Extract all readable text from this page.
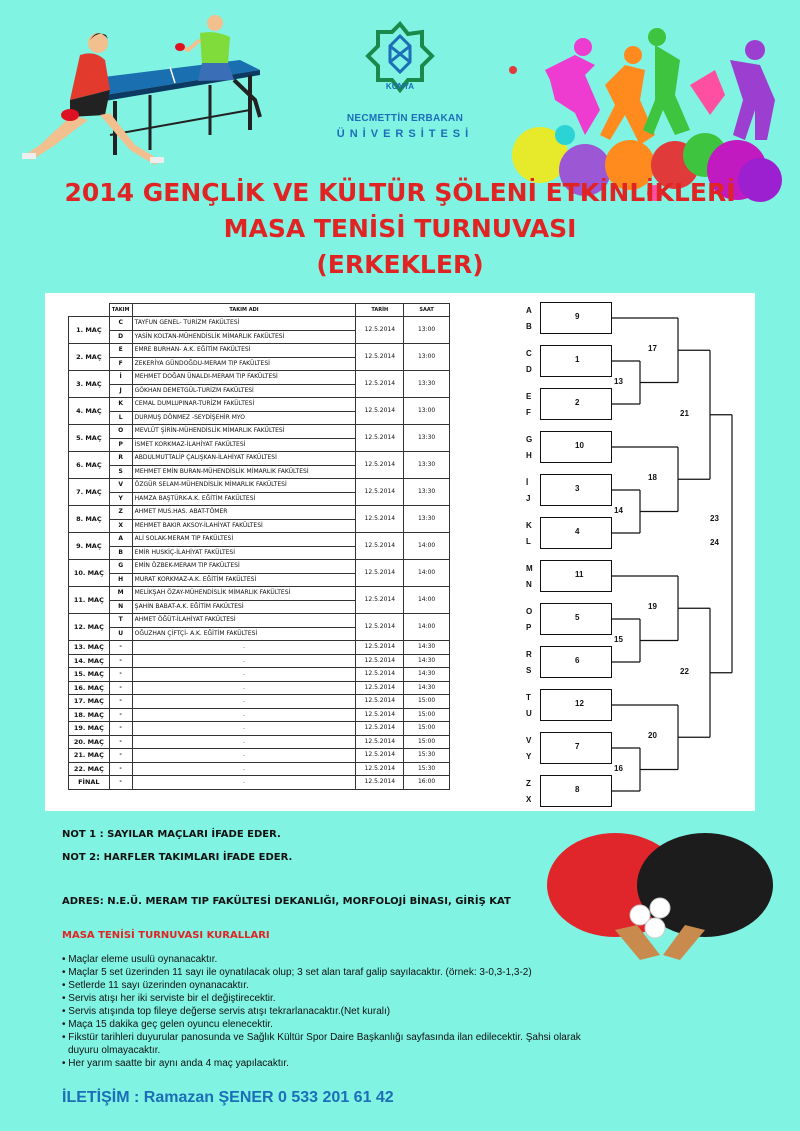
KONYA
NECMETTİN ERBAKAN
ÜNİVERSİTESİ
2014 GENÇLİK VE KÜLTÜR ŞÖLENİ ETKİNLİKLERİ
MASA TENİSİ TURNUVASI
(ERKEKLER)
	TAKIM	TAKIM ADI	TARİH	SAAT
1. MAÇ	C	TAYFUN GENEL- TURİZM FAKÜLTESİ	12.5.2014	13:00
	D	YASİN KOLTAN-MÜHENDİSLİK MİMARLIK FAKÜLTESİ		
2. MAÇ	E	EMRE BURHAN- A.K. EĞİTİM FAKÜLTESİ	12.5.2014	13:00
	F	ZEKERİYA GÜNDOĞDU-MERAM TIP FAKÜLTESİ		
3. MAÇ	İ	MEHMET DOĞAN ÜNALDI-MERAM TIP FAKÜLTESİ	12.5.2014	13:30
	J	GÖKHAN DEMETGÜL-TURİZM FAKÜLTESİ		
4. MAÇ	K	CEMAL DUMLUPINAR-TURİZM FAKÜLTESİ	12.5.2014	13:00
	L	DURMUŞ DÖNMEZ -SEYDİŞEHİR MYO		
5. MAÇ	O	MEVLÜT ŞİRİN-MÜHENDİSLİK MİMARLIK FAKÜLTESİ	12.5.2014	13:30
	P	İSMET KORKMAZ-İLAHİYAT FAKÜLTESİ		
6. MAÇ	R	ABDULMUTTALİP ÇALIŞKAN-İLAHİYAT FAKÜLTESİ	12.5.2014	13:30
	S	MEHMET EMİN BURAN-MÜHENDİSLİK MİMARLIK FAKÜLTESİ		
7. MAÇ	V	ÖZGÜR SELAM-MÜHENDİSLİK MİMARLIK FAKÜLTESİ	12.5.2014	13:30
	Y	HAMZA BAŞTÜRK-A.K. EĞİTİM FAKÜLTESİ		
8. MAÇ	Z	AHMET MUS.HAS. ABAT-TÖMER	12.5.2014	13:30
	X	MEHMET BAKIR AKSOY-İLAHİYAT FAKÜLTESİ		
9. MAÇ	A	ALİ SOLAK-MERAM TIP FAKÜLTESİ	12.5.2014	14:00
	B	EMİR HUSKİÇ-İLAHİYAT FAKÜLTESİ		
10. MAÇ	G	EMİN ÖZBEK-MERAM TIP FAKÜLTESİ	12.5.2014	14:00
	H	MURAT KORKMAZ-A.K. EĞİTİM FAKÜLTESİ		
11. MAÇ	M	MELİKŞAH ÖZAY-MÜHENDİSLİK MİMARLIK FAKÜLTESİ	12.5.2014	14:00
	N	ŞAHİN BABAT-A.K. EĞİTİM FAKÜLTESİ		
12. MAÇ	T	AHMET ÖĞÜT-İLAHİYAT FAKÜLTESİ	12.5.2014	14:00
	U	OĞUZHAN ÇİFTÇİ- A.K. EĞİTİM FAKÜLTESİ		
13. MAÇ	-	.	12.5.2014	14:30
14. MAÇ	-	.	12.5.2014	14:30
15. MAÇ	-	.	12.5.2014	14:30
16. MAÇ	-	.	12.5.2014	14:30
17. MAÇ	-	.	12.5.2014	15:00
18. MAÇ	-	.	12.5.2014	15:00
19. MAÇ	-	.	12.5.2014	15:00
20. MAÇ	-	.	12.5.2014	15:00
21. MAÇ	-	.	12.5.2014	15:30
22. MAÇ	-	.	12.5.2014	15:30
FİNAL	-	.	12.5.2014	16:00
9
A
B
1
C
D
2
E
F
10
G
H
3
İ
J
4
K
L
11
M
N
5
O
P
6
R
S
12
T
U
7
V
Y
8
Z
X
13
17
14
18
15
19
16
20
21
22
23
24
NOT 1 : SAYILAR MAÇLARI İFADE EDER.
NOT 2: HARFLER TAKIMLARI İFADE EDER.
ADRES: N.E.Ü. MERAM TIP FAKÜLTESİ DEKANLIĞI, MORFOLOJİ BİNASI, GİRİŞ KAT
MASA TENİSİ TURNUVASI KURALLARI
• Maçlar eleme usulü oynanacaktır.
• Maçlar 5 set üzerinden 11 sayı ile oynatılacak olup; 3 set alan taraf galip sayılacaktır. (örnek: 3-0,3-1,3-2)
• Setlerde 11 sayı üzerinden oynanacaktır.
• Servis atışı her iki serviste bir el değiştirecektir.
• Servis atışında top fileye değerse servis atışı tekrarlanacaktır.(Net kuralı)
• Maça 15 dakika geç gelen oyuncu elenecektir.
• Fikstür tarihleri duyurular panosunda ve Sağlık Kültür Spor Daire Başkanlığı sayfasında ilan edilecektir. Şahsi olarak duyuru olmayacaktır.
• Her yarım saatte bir aynı anda 4 maç yapılacaktır.
İLETİŞİM : Ramazan ŞENER 0 533 201 61 42
